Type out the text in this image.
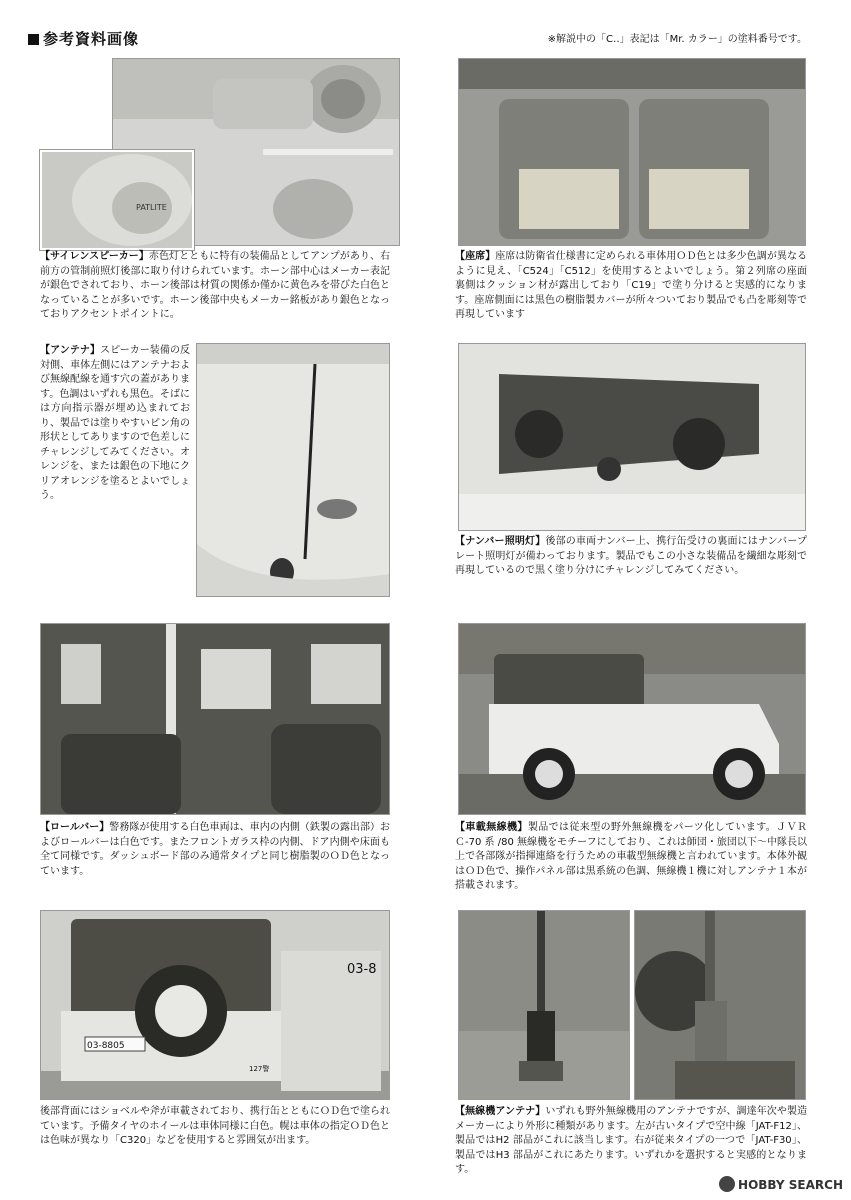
参考資料画像	※解説中の「C‥」表記は「Mr. カラー」の塗料番号です。
PATLITE
【 サイレンスピーカー 】 赤色灯とともに特有の装備品としてアンプがあり、右前方の管制前照灯後部に取り付けられています。ホーン部中心はメーカー表記が銀色でされており、ホーン後部は材質の関係か僅かに黄色みを帯びた白色となっていることが多いです。ホーン後部中央もメーカー銘板があり銀色となっておりアクセントポイントに。
【 座席 】 座席は防衛省仕様書に定められる車体用ＯＤ色とは多少色調が異なるように見え、「C524」「C512」を使用するとよいでしょう。第２列席の座面裏側はクッション材が露出しており「C19」で塗り分けると実感的になります。座席側面には黒色の樹脂製カバーが所々ついており製品でも凸を彫刻等で再現しています
【 アンテナ 】 スピーカー装備の反対側、車体左側にはアンテナおよび無線配線を通す穴の蓋があります。色調はいずれも黒色。そばには方向指示器が埋め込まれており、製品では塗りやすいピン角の形状としてありますので色差しにチャレンジしてみてください。オレンジを、または銀色の下地にクリアオレンジを塗るとよいでしょう。
【 ナンバー照明灯 】 後部の車両ナンバー上、携行缶受けの裏面にはナンバープレート照明灯が備わっております。製品でもこの小さな装備品を繊細な彫刻で再現しているので黒く塗り分けにチャレンジしてみてください。
【 ロールバー 】 警務隊が使用する白色車両は、車内の内側（鉄製の露出部）およびロールバーは白色です。またフロントガラス枠の内側、ドア内側や床面も全て同様です。ダッシュボード部のみ通常タイプと同じ樹脂製のＯＤ色となっています。
【 車載無線機 】 製品では従来型の野外無線機をパーツ化しています。ＪＶＲＣ-70 系 /80 無線機をモチーフにしており、これは師団・旅団以下～中隊長以上で各部隊が指揮連絡を行うための車載型無線機と言われています。本体外観はＯＤ色で、操作パネル部は黒系統の色調、無線機１機に対しアンテナ１本が搭載されます。
03-8805
03-8
127警
後部背面にはショベルや斧が車載されており、携行缶とともにＯＤ色で塗られています。予備タイヤのホイールは車体同様に白色。幌は車体の指定ＯＤ色とは色味が異なり「C320」などを使用すると雰囲気が出ます。
【 無線機アンテナ 】 いずれも野外無線機用のアンテナですが、調達年次や製造メーカーにより外形に種類があります。左が古いタイプで空中線「JAT-F12」、製品ではH2 部品がこれに該当します。右が従来タイプの一つで「JAT-F30」、製品ではH3 部品がこれにあたります。いずれかを選択すると実感的となります。
HOBBY SEARCH
